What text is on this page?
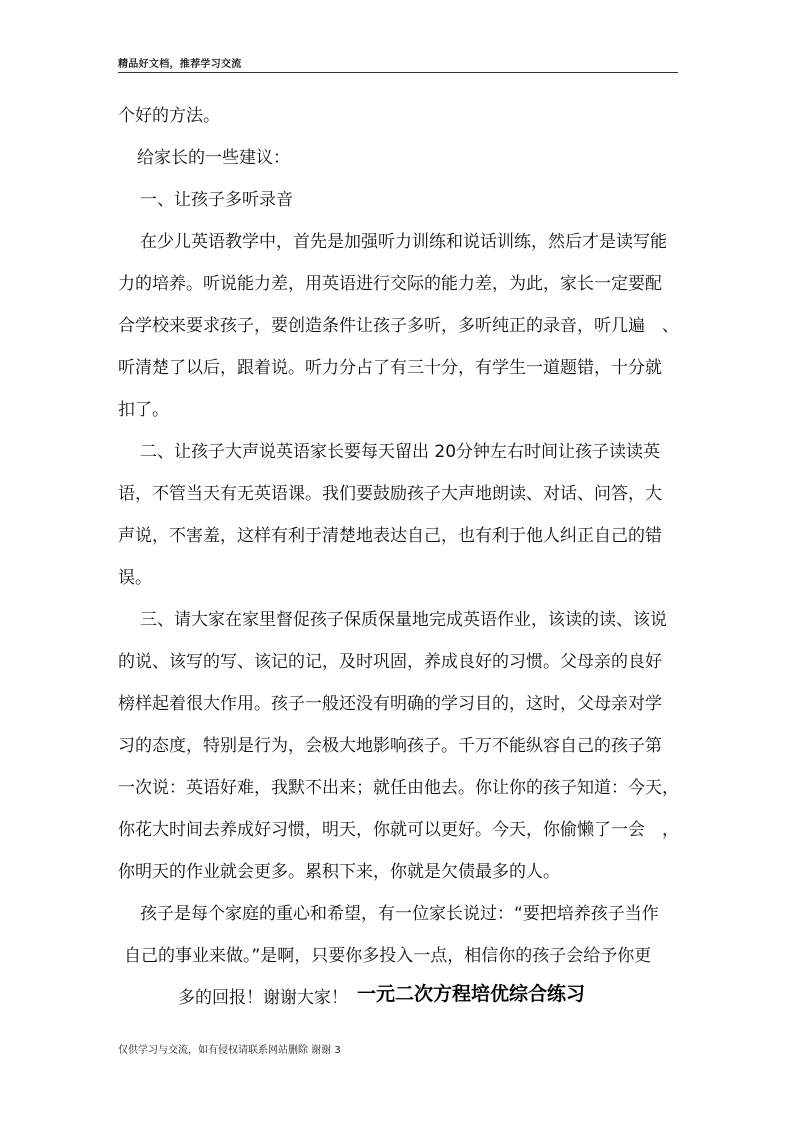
精品好文档，推荐学习交流
个好的方法。
给家长的一些建议：
一、让孩子多听录音
在少儿英语教学中，首先是加强听力训练和说话训练，然后才是读写能
力的培养。听说能力差，用英语进行交际的能力差，为此，家长一定要配
合学校来要求孩子，要创造条件让孩子多听，多听纯正的录音，听几遍　、
听清楚了以后，跟着说。听力分占了有三十分，有学生一道题错，十分就
扣了。
二、让孩子大声说英语家长要每天留出 20分钟左右时间让孩子读读英
语，不管当天有无英语课。我们要鼓励孩子大声地朗读、对话、问答，大
声说，不害羞，这样有利于清楚地表达自己，也有利于他人纠正自己的错
误。
三、请大家在家里督促孩子保质保量地完成英语作业，该读的读、该说
的说、该写的写、该记的记，及时巩固，养成良好的习惯。父母亲的良好
榜样起着很大作用。孩子一般还没有明确的学习目的，这时，父母亲对学
习的态度，特别是行为，会极大地影响孩子。千万不能纵容自己的孩子第
一次说：英语好难，我默不出来；就任由他去。你让你的孩子知道：今天，
你花大时间去养成好习惯，明天，你就可以更好。今天，你偷懒了一会　，
你明天的作业就会更多。累积下来，你就是欠债最多的人。
孩子是每个家庭的重心和希望，有一位家长说过：“要把培养孩子当作
自己的事业来做。”是啊，只要你多投入一点，相信你的孩子会给予你更
多的回报！谢谢大家！ 一元二次方程培优综合练习
仅供学习与交流，如有侵权请联系网站删除 谢谢 3
